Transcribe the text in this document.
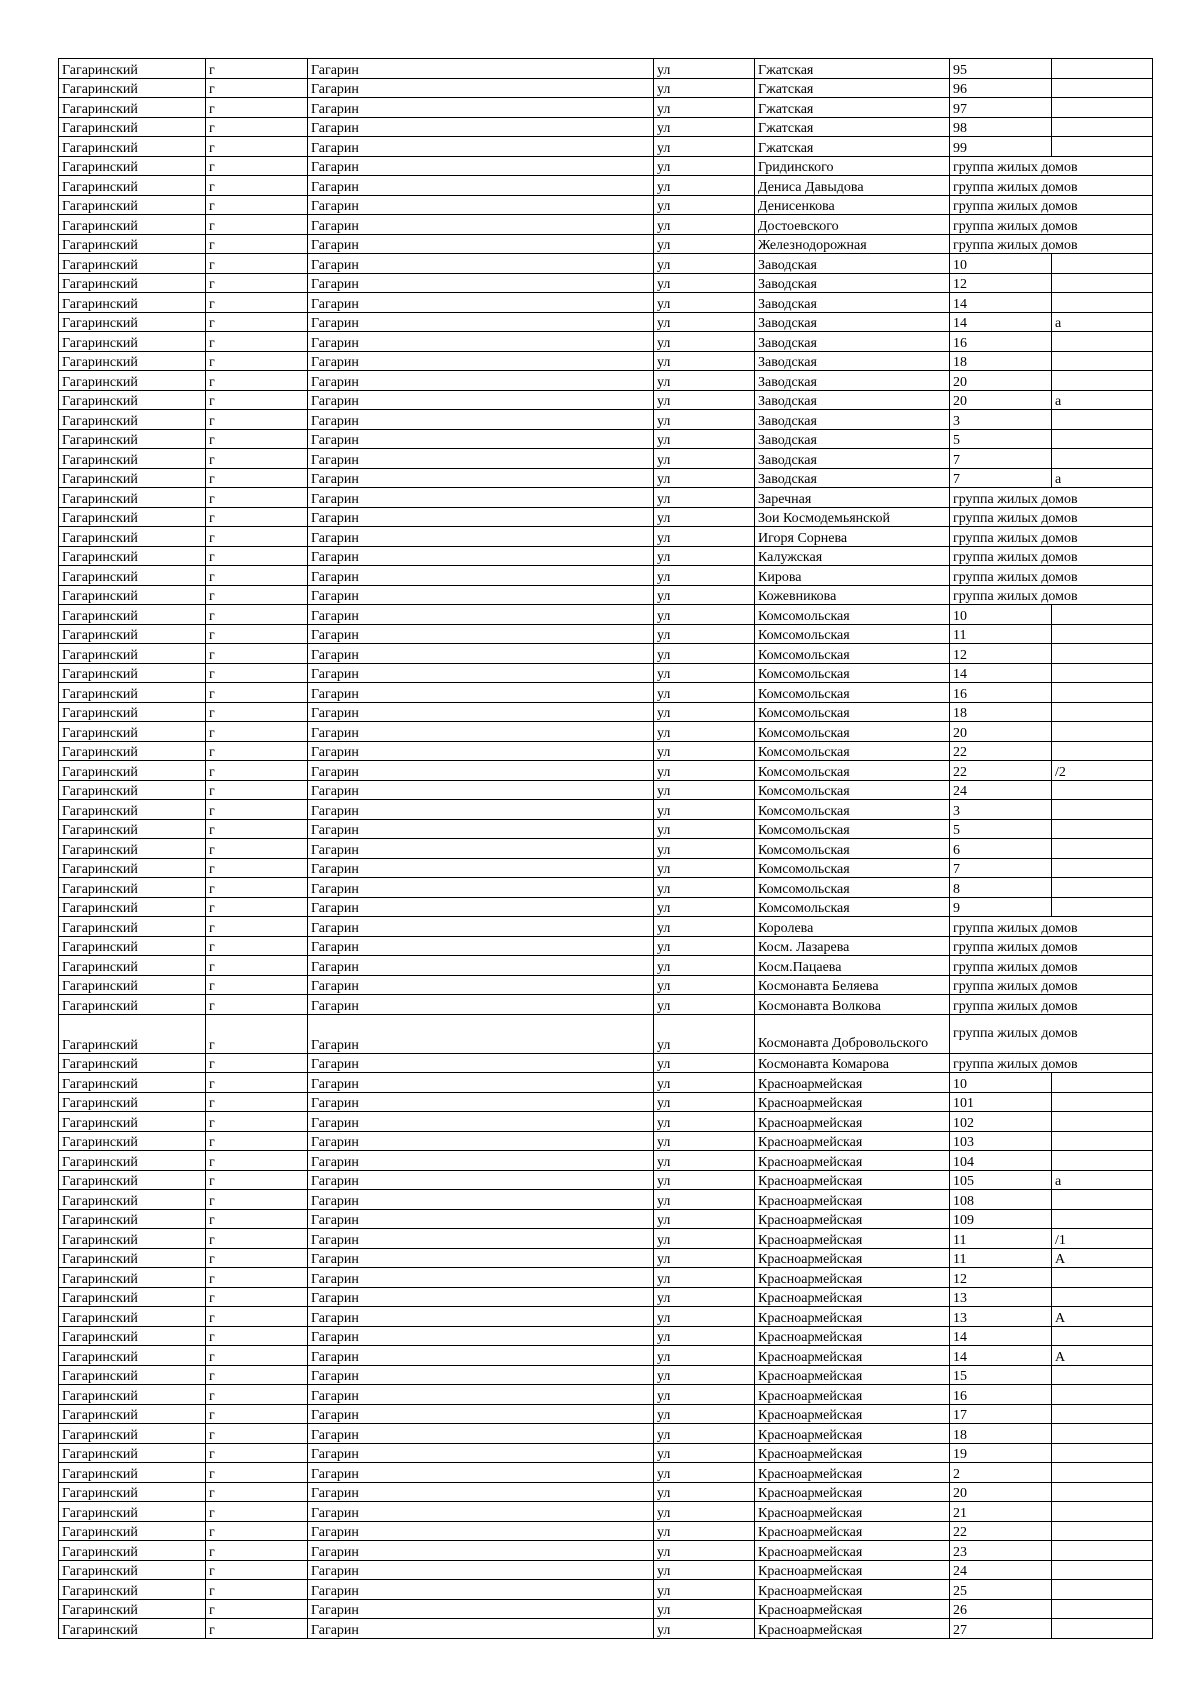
Гагаринский	г	Гагарин	ул	Гжатская	95	
Гагаринский	г	Гагарин	ул	Гжатская	96	
Гагаринский	г	Гагарин	ул	Гжатская	97	
Гагаринский	г	Гагарин	ул	Гжатская	98	
Гагаринский	г	Гагарин	ул	Гжатская	99	
Гагаринский	г	Гагарин	ул	Гридинского	группа жилых домов	
Гагаринский	г	Гагарин	ул	Дениса Давыдова	группа жилых домов	
Гагаринский	г	Гагарин	ул	Денисенкова	группа жилых домов	
Гагаринский	г	Гагарин	ул	Достоевского	группа жилых домов	
Гагаринский	г	Гагарин	ул	Железнодорожная	группа жилых домов	
Гагаринский	г	Гагарин	ул	Заводская	10	
Гагаринский	г	Гагарин	ул	Заводская	12	
Гагаринский	г	Гагарин	ул	Заводская	14	
Гагаринский	г	Гагарин	ул	Заводская	14	а
Гагаринский	г	Гагарин	ул	Заводская	16	
Гагаринский	г	Гагарин	ул	Заводская	18	
Гагаринский	г	Гагарин	ул	Заводская	20	
Гагаринский	г	Гагарин	ул	Заводская	20	а
Гагаринский	г	Гагарин	ул	Заводская	3	
Гагаринский	г	Гагарин	ул	Заводская	5	
Гагаринский	г	Гагарин	ул	Заводская	7	
Гагаринский	г	Гагарин	ул	Заводская	7	а
Гагаринский	г	Гагарин	ул	Заречная	группа жилых домов	
Гагаринский	г	Гагарин	ул	Зои Космодемьянской	группа жилых домов	
Гагаринский	г	Гагарин	ул	Игоря Сорнева	группа жилых домов	
Гагаринский	г	Гагарин	ул	Калужская	группа жилых домов	
Гагаринский	г	Гагарин	ул	Кирова	группа жилых домов	
Гагаринский	г	Гагарин	ул	Кожевникова	группа жилых домов	
Гагаринский	г	Гагарин	ул	Комсомольская	10	
Гагаринский	г	Гагарин	ул	Комсомольская	11	
Гагаринский	г	Гагарин	ул	Комсомольская	12	
Гагаринский	г	Гагарин	ул	Комсомольская	14	
Гагаринский	г	Гагарин	ул	Комсомольская	16	
Гагаринский	г	Гагарин	ул	Комсомольская	18	
Гагаринский	г	Гагарин	ул	Комсомольская	20	
Гагаринский	г	Гагарин	ул	Комсомольская	22	
Гагаринский	г	Гагарин	ул	Комсомольская	22	/2
Гагаринский	г	Гагарин	ул	Комсомольская	24	
Гагаринский	г	Гагарин	ул	Комсомольская	3	
Гагаринский	г	Гагарин	ул	Комсомольская	5	
Гагаринский	г	Гагарин	ул	Комсомольская	6	
Гагаринский	г	Гагарин	ул	Комсомольская	7	
Гагаринский	г	Гагарин	ул	Комсомольская	8	
Гагаринский	г	Гагарин	ул	Комсомольская	9	
Гагаринский	г	Гагарин	ул	Королева	группа жилых домов	
Гагаринский	г	Гагарин	ул	Косм. Лазарева	группа жилых домов	
Гагаринский	г	Гагарин	ул	Косм.Пацаева	группа жилых домов	
Гагаринский	г	Гагарин	ул	Космонавта Беляева	группа жилых домов	
Гагаринский	г	Гагарин	ул	Космонавта Волкова	группа жилых домов	
Гагаринский	г	Гагарин	ул	Космонавта Добровольского	группа жилых домов	
Гагаринский	г	Гагарин	ул	Космонавта Комарова	группа жилых домов	
Гагаринский	г	Гагарин	ул	Красноармейская	10	
Гагаринский	г	Гагарин	ул	Красноармейская	101	
Гагаринский	г	Гагарин	ул	Красноармейская	102	
Гагаринский	г	Гагарин	ул	Красноармейская	103	
Гагаринский	г	Гагарин	ул	Красноармейская	104	
Гагаринский	г	Гагарин	ул	Красноармейская	105	а
Гагаринский	г	Гагарин	ул	Красноармейская	108	
Гагаринский	г	Гагарин	ул	Красноармейская	109	
Гагаринский	г	Гагарин	ул	Красноармейская	11	/1
Гагаринский	г	Гагарин	ул	Красноармейская	11	А
Гагаринский	г	Гагарин	ул	Красноармейская	12	
Гагаринский	г	Гагарин	ул	Красноармейская	13	
Гагаринский	г	Гагарин	ул	Красноармейская	13	А
Гагаринский	г	Гагарин	ул	Красноармейская	14	
Гагаринский	г	Гагарин	ул	Красноармейская	14	А
Гагаринский	г	Гагарин	ул	Красноармейская	15	
Гагаринский	г	Гагарин	ул	Красноармейская	16	
Гагаринский	г	Гагарин	ул	Красноармейская	17	
Гагаринский	г	Гагарин	ул	Красноармейская	18	
Гагаринский	г	Гагарин	ул	Красноармейская	19	
Гагаринский	г	Гагарин	ул	Красноармейская	2	
Гагаринский	г	Гагарин	ул	Красноармейская	20	
Гагаринский	г	Гагарин	ул	Красноармейская	21	
Гагаринский	г	Гагарин	ул	Красноармейская	22	
Гагаринский	г	Гагарин	ул	Красноармейская	23	
Гагаринский	г	Гагарин	ул	Красноармейская	24	
Гагаринский	г	Гагарин	ул	Красноармейская	25	
Гагаринский	г	Гагарин	ул	Красноармейская	26	
Гагаринский	г	Гагарин	ул	Красноармейская	27	
